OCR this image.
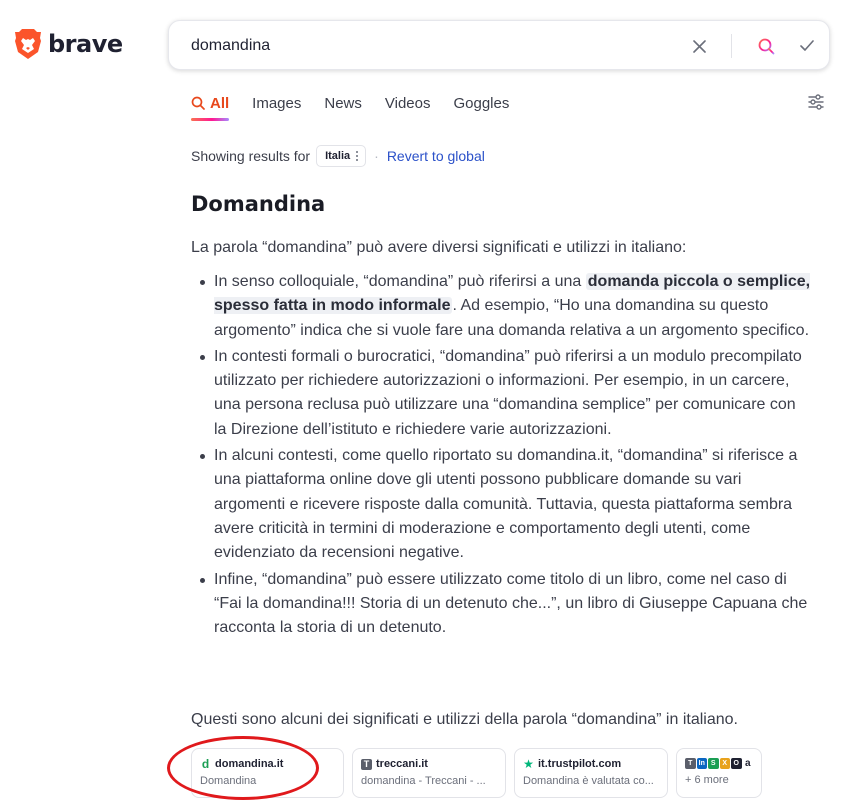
brave
domandina
All Images News Videos Goggles
Showing results for Italia · Revert to global
Domandina

La parola “domandina” può avere diversi significati e utilizzi in italiano:

In senso colloquiale, “domandina” può riferirsi a una domanda piccola o semplice, spesso fatta in modo informale . Ad esempio, “Ho una domandina su questo argomento” indica che si vuole fare una domanda relativa a un argomento specifico.
In contesti formali o burocratici, “domandina” può riferirsi a un modulo precompilato utilizzato per richiedere autorizzazioni o informazioni. Per esempio, in un carcere, una persona reclusa può utilizzare una “domandina semplice” per comunicare con la Direzione dell’istituto e richiedere varie autorizzazioni.
In alcuni contesti, come quello riportato su domandina.it, “domandina” si riferisce a una piattaforma online dove gli utenti possono pubblicare domande su vari argomenti e ricevere risposte dalla comunità. Tuttavia, questa piattaforma sembra avere criticità in termini di moderazione e comportamento degli utenti, come evidenziato da recensioni negative.
Infine, “domandina” può essere utilizzato come titolo di un libro, come nel caso di “Fai la domandina!!! Storia di un detenuto che...”, un libro di Giuseppe Capuana che racconta la storia di un detenuto.

Questi sono alcuni dei significati e utilizzi della parola “domandina” in italiano.

d domandina.it
Domandina
T treccani.it
domandina - Treccani - ...
★ it.trustpilot.com
Domandina è valutata co...
T In S X O a
+ 6 more
